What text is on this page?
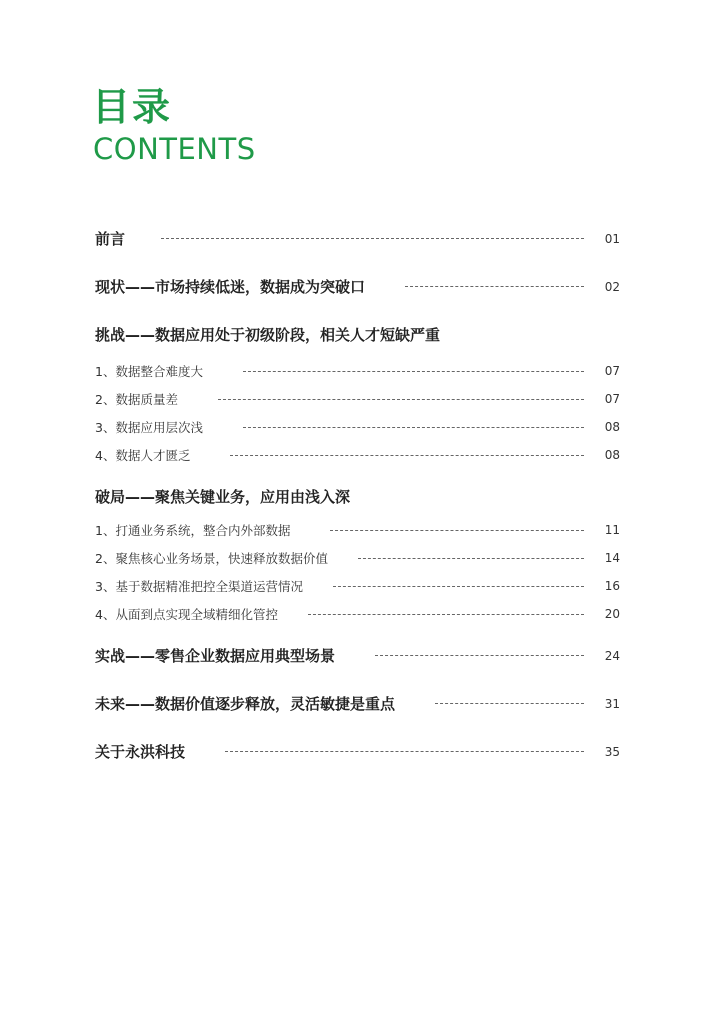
目录
CONTENTS
前言	01
现状——市场持续低迷，数据成为突破口	02
挑战——数据应用处于初级阶段，相关人才短缺严重
1、数据整合难度大	07
2、数据质量差	07
3、数据应用层次浅	08
4、数据人才匮乏	08
破局——聚焦关键业务，应用由浅入深
1、打通业务系统，整合内外部数据	11
2、聚焦核心业务场景，快速释放数据价值	14
3、基于数据精准把控全渠道运营情况	16
4、从面到点实现全域精细化管控	20
实战——零售企业数据应用典型场景	24
未来——数据价值逐步释放，灵活敏捷是重点	31
关于永洪科技	35
